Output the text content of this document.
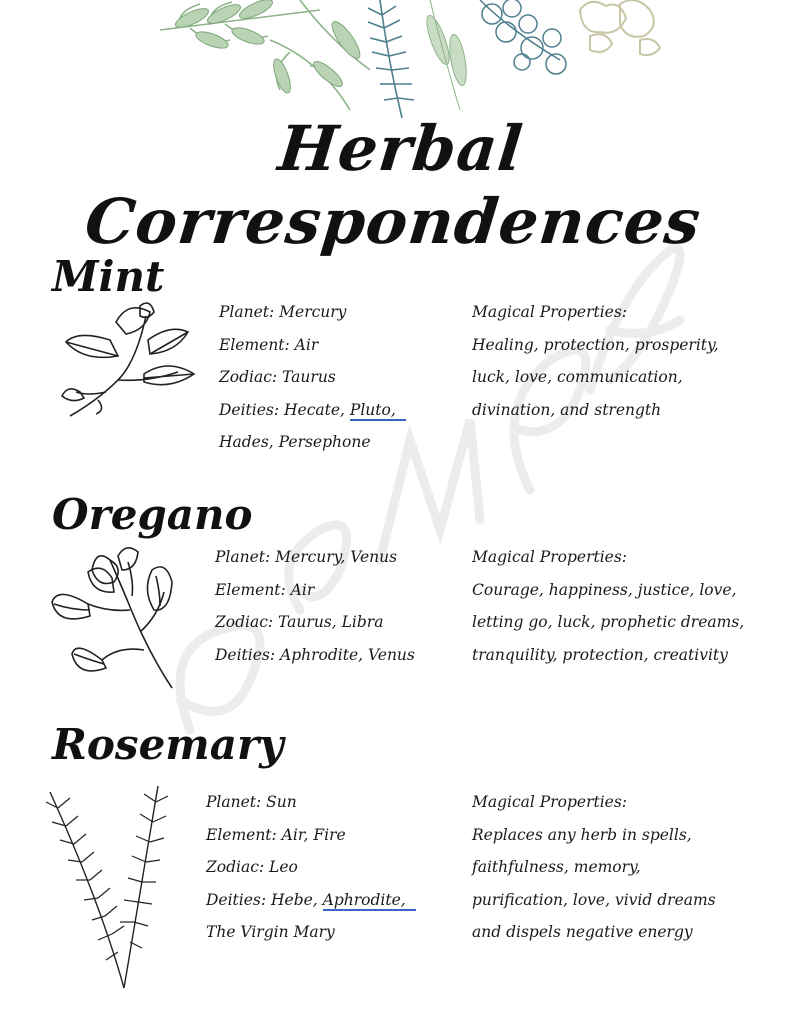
Herbal Correspondences
Mint
Planet: Mercury
Element: Air
Zodiac: Taurus
Deities: Hecate, Pluto,
Hades, Persephone
Magical Properties:
Healing, protection, prosperity,
luck, love, communication,
divination, and strength
Oregano
Planet: Mercury, Venus
Element: Air
Zodiac: Taurus, Libra
Deities: Aphrodite, Venus
Magical Properties:
Courage, happiness, justice, love,
letting go, luck, prophetic dreams,
tranquility, protection, creativity
Rosemary
Planet: Sun
Element: Air, Fire
Zodiac: Leo
Deities: Hebe, Aphrodite,
The Virgin Mary
Magical Properties:
Replaces any herb in spells,
faithfulness, memory,
purification, love, vivid dreams
and dispels negative energy
